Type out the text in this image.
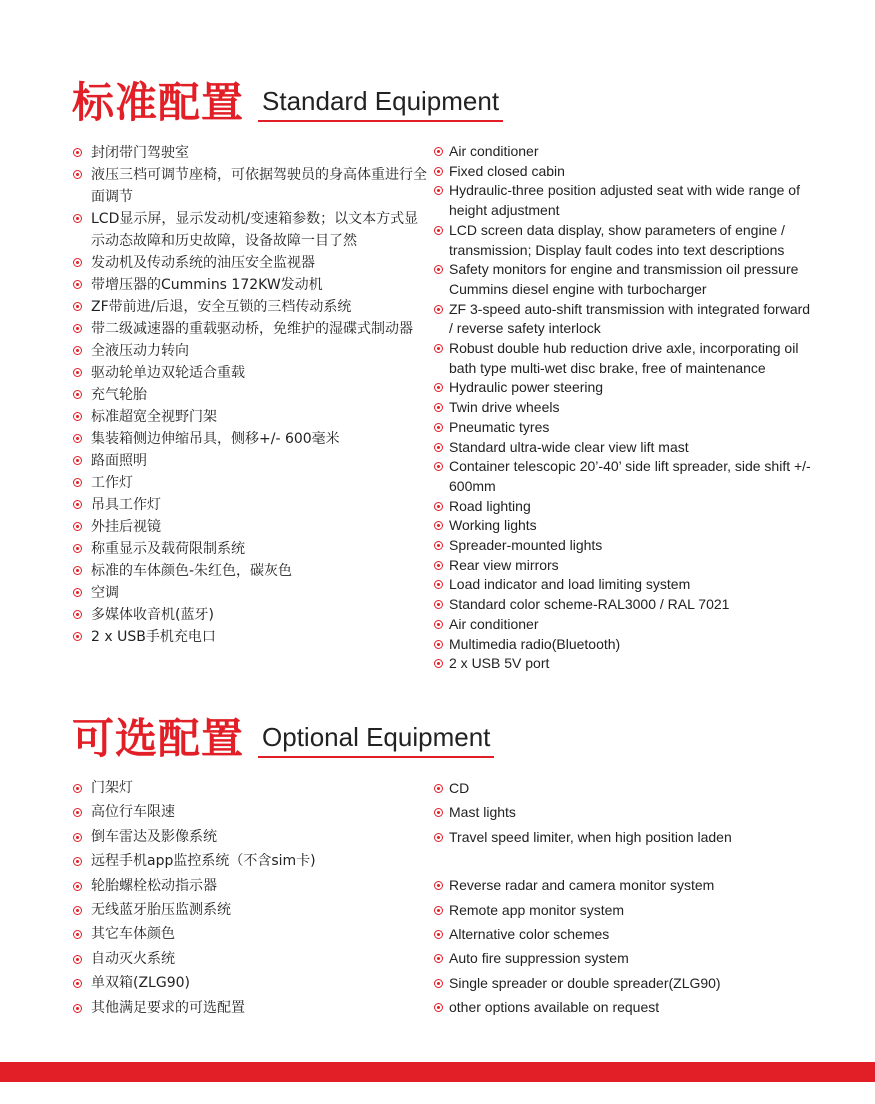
标准配置 Standard Equipment
封闭带门驾驶室
液压三档可调节座椅，可依据驾驶员的身高体重进行全面调节
LCD显示屏，显示发动机/变速箱参数；以文本方式显示动态故障和历史故障，设备故障一目了然
发动机及传动系统的油压安全监视器
带增压器的Cummins 172KW发动机
ZF带前进/后退，安全互锁的三档传动系统
带二级减速器的重载驱动桥，免维护的湿碟式制动器
全液压动力转向
驱动轮单边双轮适合重载
充气轮胎
标准超宽全视野门架
集装箱侧边伸缩吊具，侧移+/- 600毫米
路面照明
工作灯
吊具工作灯
外挂后视镜
称重显示及载荷限制系统
标准的车体颜色-朱红色，碳灰色
空调
多媒体收音机(蓝牙)
2 x USB手机充电口
Air conditioner
Fixed closed cabin
Hydraulic-three position adjusted seat with wide range of height adjustment
LCD screen data display, show parameters of engine / transmission; Display fault codes into text descriptions
Safety monitors for engine and transmission oil pressure Cummins diesel engine with turbocharger
ZF 3-speed auto-shift transmission with integrated forward / reverse safety interlock
Robust double hub reduction drive axle, incorporating oil bath type multi-wet disc brake, free of maintenance
Hydraulic power steering
Twin drive wheels
Pneumatic tyres
Standard ultra-wide clear view lift mast
Container telescopic 20’-40’ side lift spreader, side shift +/- 600mm
Road lighting
Working lights
Spreader-mounted lights
Rear view mirrors
Load indicator and load limiting system
Standard color scheme-RAL3000 / RAL 7021
Air conditioner
Multimedia radio(Bluetooth)
2 x USB 5V port
可选配置 Optional Equipment
门架灯
高位行车限速
倒车雷达及影像系统
远程手机app监控系统（不含sim卡)
轮胎螺栓松动指示器
无线蓝牙胎压监测系统
其它车体颜色
自动灭火系统
单双箱(ZLG90)
其他满足要求的可选配置
CD
Mast lights
Travel speed limiter, when high position laden
Reverse radar and camera monitor system
Remote app monitor system
Alternative color schemes
Auto fire suppression system
Single spreader or double spreader(ZLG90)
other options available on request
